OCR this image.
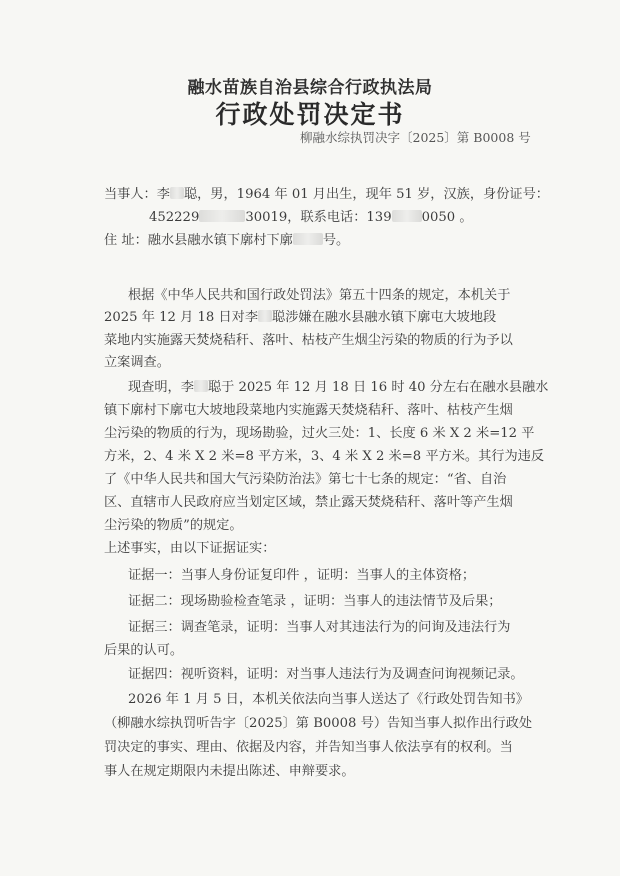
融水苗族自治县综合行政执法局
行政处罚决定书
柳融水综执罚决字〔2025〕第 B0008 号
当事人：李 聪，男，1964 年 01 月出生，现年 51 岁，汉族，身份证号：
452229	30019，联系电话：139 0050 。
住 址：融水县融水镇下廓村下廓 号。
根据《中华人民共和国行政处罚法》第五十四条的规定，本机关于
2025 年 12 月 18 日对李 聪涉嫌在融水县融水镇下廓屯大坡地段
菜地内实施露天焚烧秸秆、落叶、枯枝产生烟尘污染的物质的行为予以
立案调查。
现查明，李 聪于 2025 年 12 月 18 日 16 时 40 分左右在融水县融水
镇下廓村下廓屯大坡地段菜地内实施露天焚烧秸秆、落叶、枯枝产生烟
尘污染的物质的行为，现场勘验，过火三处：1、长度 6 米 X 2 米=12 平
方米，2、4 米 X 2 米=8 平方米，3、4 米 X 2 米=8 平方米。其行为违反
了《中华人民共和国大气污染防治法》第七十七条的规定：“省、自治
区、直辖市人民政府应当划定区域，禁止露天焚烧秸秆、落叶等产生烟
尘污染的物质”的规定。
上述事实，由以下证据证实：
证据一：当事人身份证复印件 ，证明：当事人的主体资格；
证据二：现场勘验检查笔录 ，证明：当事人的违法情节及后果；
证据三：调查笔录，证明：当事人对其违法行为的问询及违法行为
后果的认可。
证据四：视听资料，证明：对当事人违法行为及调查问询视频记录。
2026 年 1 月 5 日，本机关依法向当事人送达了《行政处罚告知书》
（柳融水综执罚听告字〔2025〕第 B0008 号）告知当事人拟作出行政处
罚决定的事实、理由、依据及内容，并告知当事人依法享有的权利。当
事人在规定期限内未提出陈述、申辩要求。
